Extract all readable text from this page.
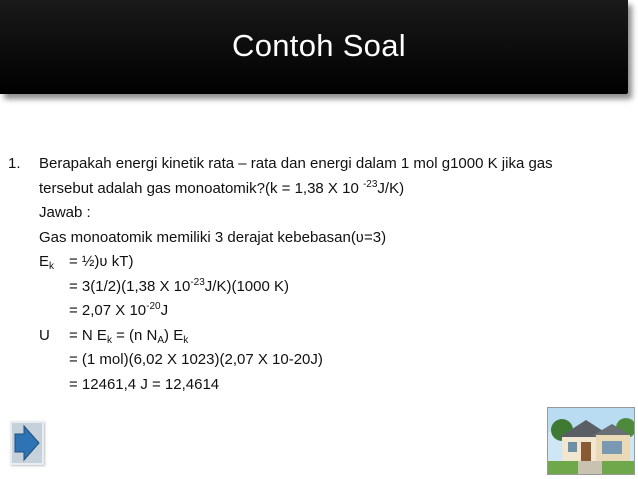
Contoh Soal
1. Berapakah energi kinetik rata – rata dan energi dalam 1 mol g1000 K jika gas
tersebut adalah gas monoatomik?(k = 1,38 X 10 $^{-23}$J/K)
Jawab :
Gas monoatomik memiliki 3 derajat kebebasan(ʋ=3)
$E_k$ = ½)ʋ kT)
= 3(1/2)(1,38 X $10^{-23}J/K)(1000$ K)
= 2,07 X $10^{-20}J$
U = N $E_k = (n$ $N_A$) $E_k$
= (1 mol)(6,02 X 1023)(2,07 X 10-20J)
= 12461,4 J = 12,4614
